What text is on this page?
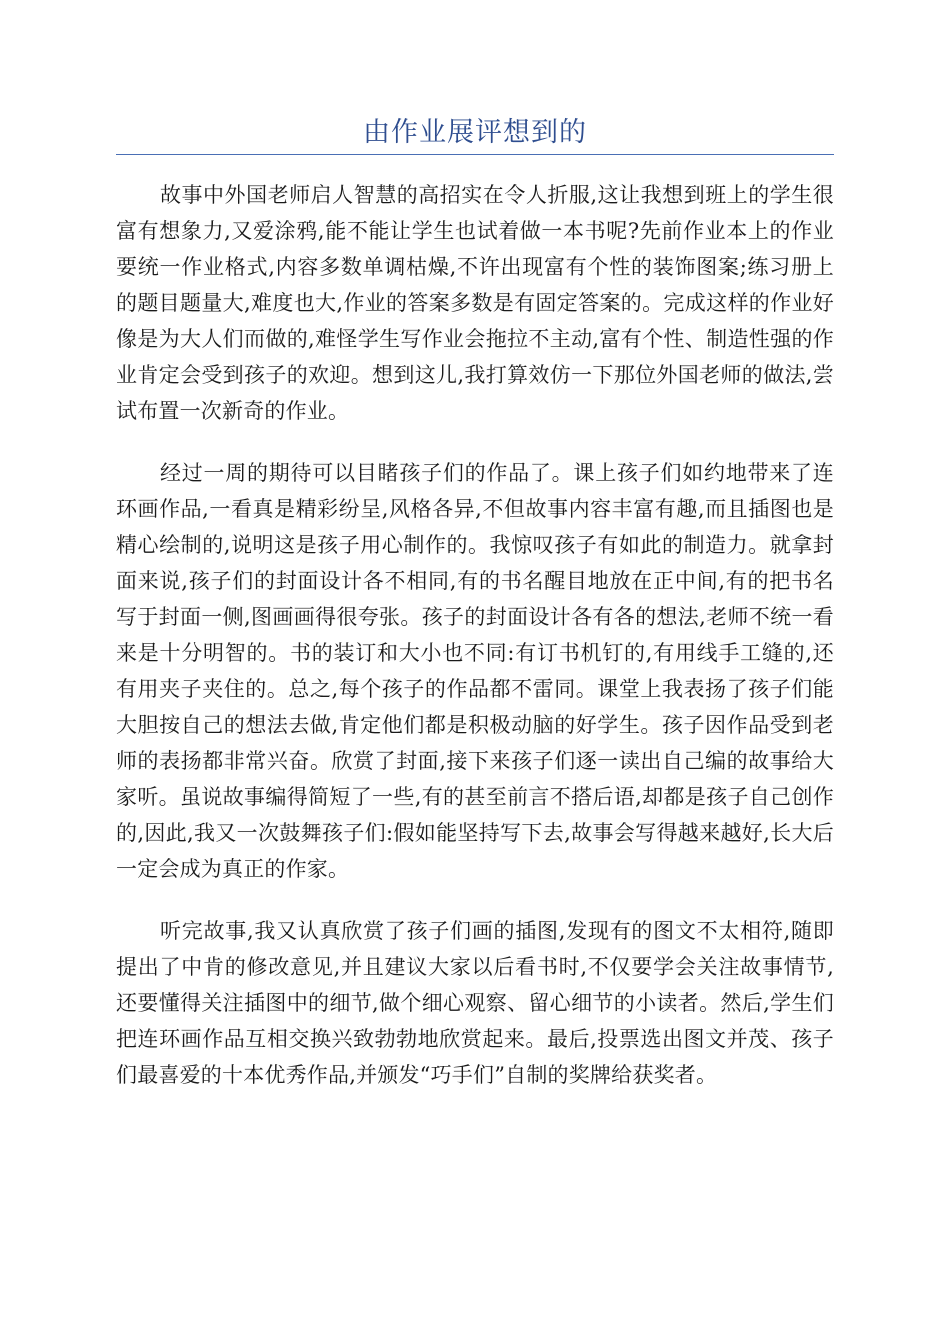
由作业展评想到的

故事中外国老师启人智慧的高招实在令人折服,这让我想到班上的学生很富有想象力,又爱涂鸦,能不能让学生也试着做一本书呢?先前作业本上的作业要统一作业格式,内容多数单调枯燥,不许出现富有个性的装饰图案;练习册上的题目题量大,难度也大,作业的答案多数是有固定答案的。完成这样的作业好像是为大人们而做的,难怪学生写作业会拖拉不主动,富有个性、制造性强的作业肯定会受到孩子的欢迎。想到这儿,我打算效仿一下那位外国老师的做法,尝试布置一次新奇的作业。

经过一周的期待可以目睹孩子们的作品了。课上孩子们如约地带来了连环画作品,一看真是精彩纷呈,风格各异,不但故事内容丰富有趣,而且插图也是精心绘制的,说明这是孩子用心制作的。我惊叹孩子有如此的制造力。就拿封面来说,孩子们的封面设计各不相同,有的书名醒目地放在正中间,有的把书名写于封面一侧,图画画得很夸张。孩子的封面设计各有各的想法,老师不统一看来是十分明智的。书的装订和大小也不同:有订书机钉的,有用线手工缝的,还有用夹子夹住的。总之,每个孩子的作品都不雷同。课堂上我表扬了孩子们能大胆按自己的想法去做,肯定他们都是积极动脑的好学生。孩子因作品受到老师的表扬都非常兴奋。欣赏了封面,接下来孩子们逐一读出自己编的故事给大家听。虽说故事编得简短了一些,有的甚至前言不搭后语,却都是孩子自己创作的,因此,我又一次鼓舞孩子们:假如能坚持写下去,故事会写得越来越好,长大后一定会成为真正的作家。

听完故事,我又认真欣赏了孩子们画的插图,发现有的图文不太相符,随即提出了中肯的修改意见,并且建议大家以后看书时,不仅要学会关注故事情节,还要懂得关注插图中的细节,做个细心观察、留心细节的小读者。然后,学生们把连环画作品互相交换兴致勃勃地欣赏起来。最后,投票选出图文并茂、孩子们最喜爱的十本优秀作品,并颁发“巧手们”自制的奖牌给获奖者。
